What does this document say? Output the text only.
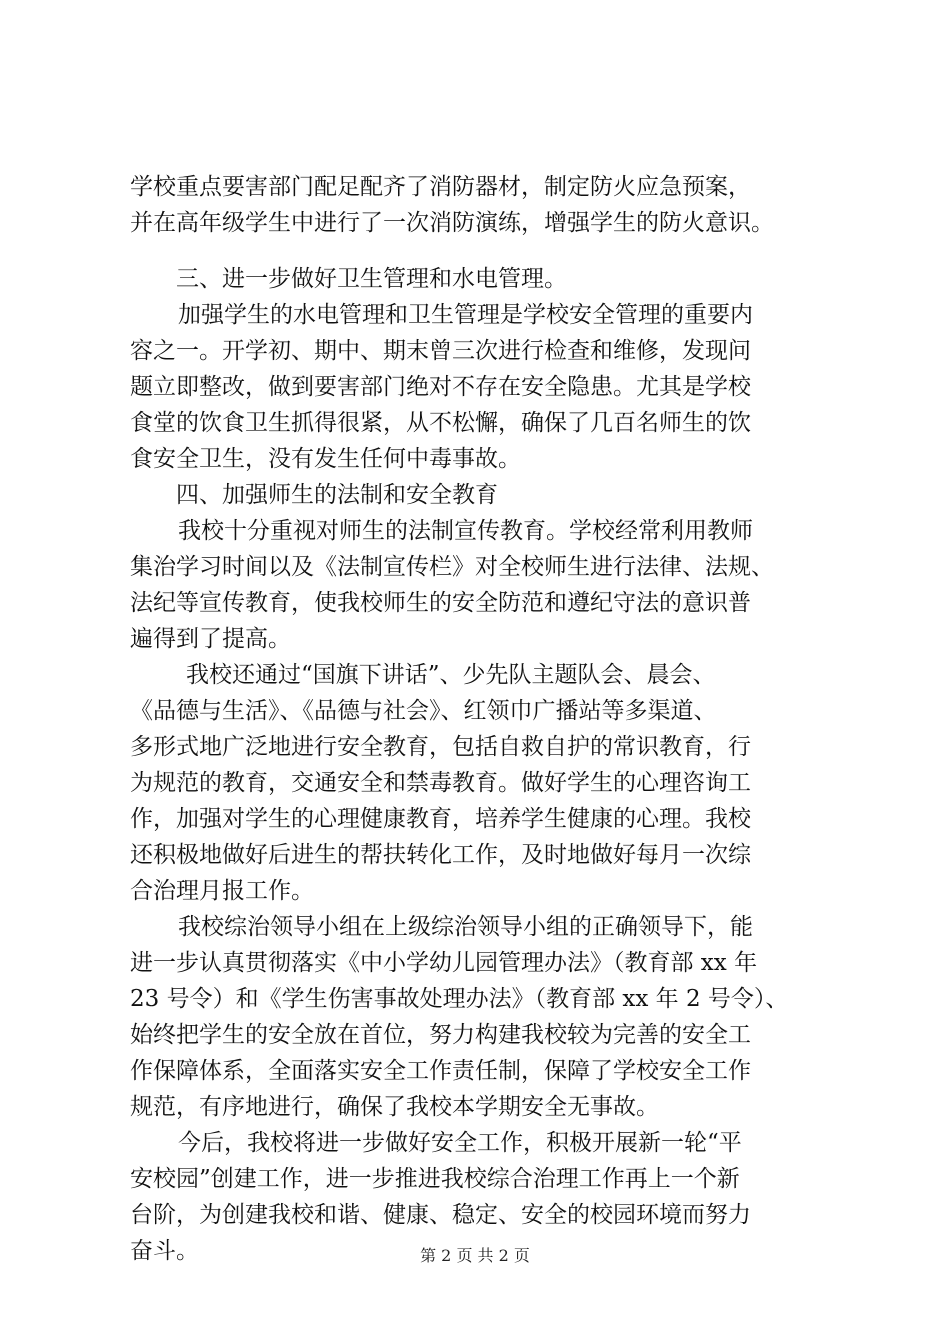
学校重点要害部门配足配齐了消防器材，制定防火应急预案，
并在高年级学生中进行了一次消防演练，增强学生的防火意识。
三、进一步做好卫生管理和水电管理。
加强学生的水电管理和卫生管理是学校安全管理的重要内
容之一。开学初、期中、期末曾三次进行检查和维修，发现问
题立即整改，做到要害部门绝对不存在安全隐患。尤其是学校
食堂的饮食卫生抓得很紧，从不松懈，确保了几百名师生的饮
食安全卫生，没有发生任何中毒事故。
四、加强师生的法制和安全教育
我校十分重视对师生的法制宣传教育。学校经常利用教师
集治学习时间以及《法制宣传栏》对全校师生进行法律、法规、
法纪等宣传教育，使我校师生的安全防范和遵纪守法的意识普
遍得到了提高。
我校还通过“国旗下讲话”、少先队主题队会、晨会、
《品德与生活》、《品德与社会》、红领巾广播站等多渠道、
多形式地广泛地进行安全教育，包括自救自护的常识教育，行
为规范的教育，交通安全和禁毒教育。做好学生的心理咨询工
作，加强对学生的心理健康教育，培养学生健康的心理。我校
还积极地做好后进生的帮扶转化工作，及时地做好每月一次综
合治理月报工作。
我校综治领导小组在上级综治领导小组的正确领导下，能
进一步认真贯彻落实《中小学幼儿园管理办法》（教育部 xx 年
23 号令）和《学生伤害事故处理办法》（教育部 xx 年 2 号令）、
始终把学生的安全放在首位，努力构建我校较为完善的安全工
作保障体系，全面落实安全工作责任制，保障了学校安全工作
规范，有序地进行，确保了我校本学期安全无事故。
今后，我校将进一步做好安全工作，积极开展新一轮“平
安校园”创建工作，进一步推进我校综合治理工作再上一个新
台阶，为创建我校和谐、健康、稳定、安全的校园环境而努力
奋斗。	第 2 页 共 2 页
